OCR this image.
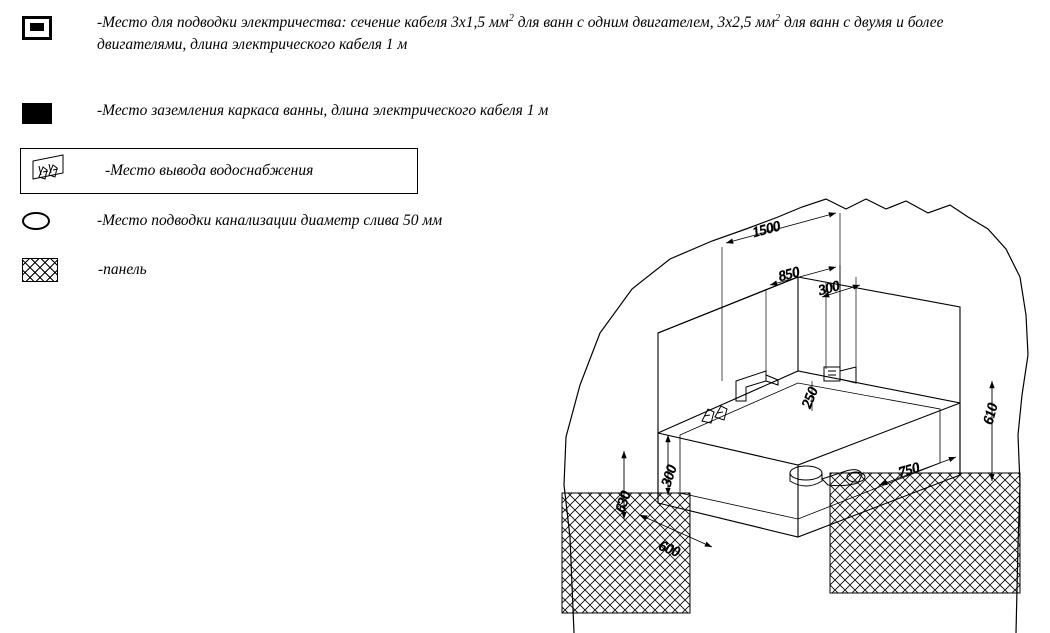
-Место для подводки электричества: сечение кабеля 3х1,5 $мм^2$ для ванн с одним двигателем, 3х2,5 $мм^2$ для ванн с двумя и более двигателями, длина электрического кабеля 1 м
-Место заземления каркаса ванны, длина электрического кабеля 1 м
-Место вывода водоснабжения
-Место подводки канализации диаметр слива 50 мм
-панель
1500
850
300
250
610
750
300
630
600
